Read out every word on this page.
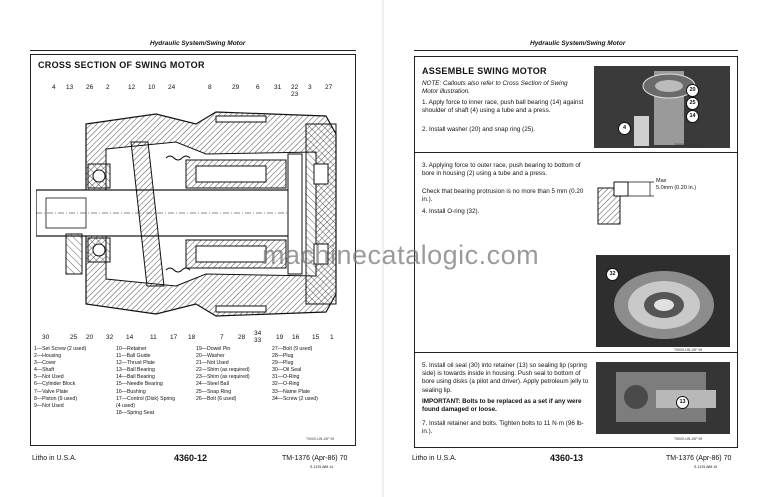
Hydraulic System/Swing Motor
CROSS SECTION OF SWING MOTOR
4 13 26 2	12 10 24	8	29	6 31 22
23
3 27
30	25 20 32 14	11 17 18	7 28
34
33 19 16 15 1
1—Set Screw (2 used)
2—Housing
3—Cover
4—Shaft
5—Not Used
6—Cylinder Block
7—Valve Plate
8—Piston (9 used)
9—Not Used
10—Retainer
11—Ball Guide
12—Thrust Plate
13—Ball Bearing
14—Ball Bearing
15—Needle Bearing
16—Bushing
17—Control (Disk) Spring
(4 used)
18—Spring Seat
19—Dowel Pin
20—Washer
21—Not Used
22—Shim (as required)
23—Shim (as required)
24—Steel Ball
25—Snap Ring
26—Bolt (6 used)
27—Bolt (9 used)
28—Plug
29—Plug
30—Oil Seal
31—O-Ring
32—O-Ring
33—Name Plate
34—Screw (2 used)
T9000-UN-15F 99
Litho in U.S.A.	4360-12	TM-1376 (Apr-86) 70
S-1376 A86 14
Hydraulic System/Swing Motor
ASSEMBLE SWING MOTOR
NOTE: Callouts also refer to Cross Section of Swing Motor illustration.
1. Apply force to inner race, push ball bearing (14) against shoulder of shaft (4) using a tube and a press.
2. Install washer (20) and snap ring (25).
20
25
14
4
T9000-UN-15F 99
3. Applying force to outer race, push bearing to bottom of bore in housing (2) using a tube and a press.
Check that bearing protrusion is no more than 5 mm (0.20 in.).
4. Install O-ring (32).
Max
5.0mm (0.20 in.)
32
T9000-UN-15F 99
5. Install oil seal (30) into retainer (13) so sealing lip (spring side) is towards inside in housing. Push seal to bottom of bore using disks (a pilot and driver). Apply petroleum jelly to sealing lip.
IMPORTANT: Bolts to be replaced as a set if any were found damaged or loose.
7. Install retainer and bolts. Tighten bolts to 11 N·m (96 lb-in.).
13
T9000-UN-15F 99
Litho in U.S.A.	4360-13	TM-1376 (Apr-86) 70
S-1376 A86 15
machinecatalogic.com
